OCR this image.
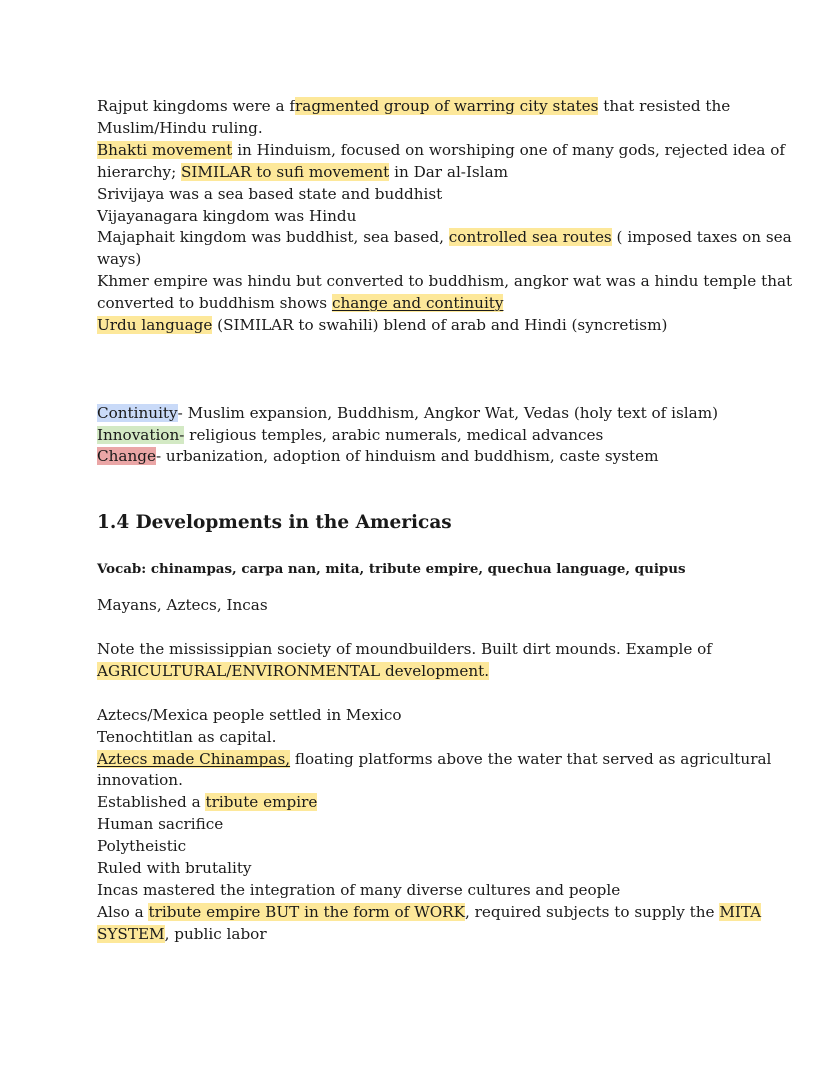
Rajput kingdoms were a fragmented group of warring city states that resisted the
Muslim/Hindu ruling.
Bhakti movement in Hinduism, focused on worshiping one of many gods, rejected idea of
hierarchy; SIMILAR to sufi movement in Dar al-Islam
Srivijaya was a sea based state and buddhist
Vijayanagara kingdom was Hindu
Majaphait kingdom was buddhist, sea based, controlled sea routes ( imposed taxes on sea
ways)
Khmer empire was hindu but converted to buddhism, angkor wat was a hindu temple that
converted to buddhism shows change and continuity
Urdu language (SIMILAR to swahili) blend of arab and Hindi (syncretism)
Continuity- Muslim expansion, Buddhism, Angkor Wat, Vedas (holy text of islam)
Innovation- religious temples, arabic numerals, medical advances
Change- urbanization, adoption of hinduism and buddhism, caste system
1.4 Developments in the Americas
Vocab: chinampas, carpa nan, mita, tribute empire, quechua language, quipus
Mayans, Aztecs, Incas
Note the mississippian society of moundbuilders. Built dirt mounds. Example of
AGRICULTURAL/ENVIRONMENTAL development.
Aztecs/Mexica people settled in Mexico
Tenochtitlan as capital.
Aztecs made Chinampas, floating platforms above the water that served as agricultural
innovation.
Established a tribute empire
Human sacrifice
Polytheistic
Ruled with brutality
Incas mastered the integration of many diverse cultures and people
Also a tribute empire BUT in the form of WORK, required subjects to supply the MITA
SYSTEM, public labor
